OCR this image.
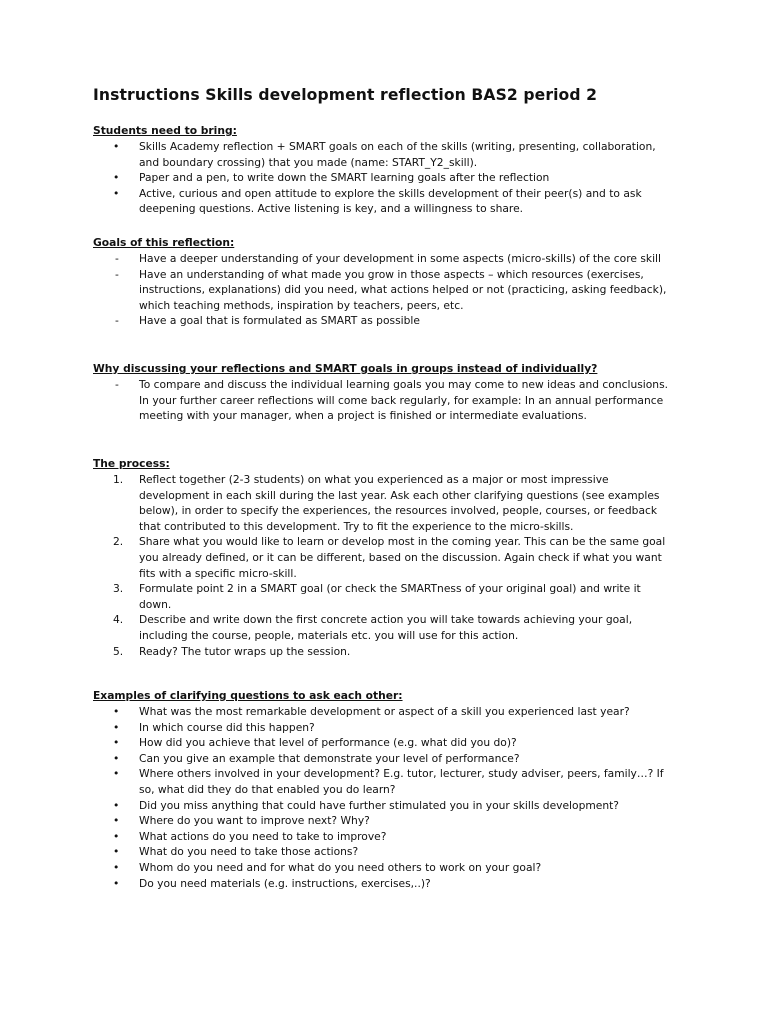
Instructions Skills development reflection BAS2 period 2
Students need to bring:
•
Skills Academy reflection + SMART goals on each of the skills (writing, presenting, collaboration, and boundary crossing) that you made (name: START_Y2_skill).
•
Paper and a pen, to write down the SMART learning goals after the reflection
•
Active, curious and open attitude to explore the skills development of their peer(s) and to ask deepening questions. Active listening is key, and a willingness to share.
Goals of this reflection:
-
Have a deeper understanding of your development in some aspects (micro-skills) of the core skill
-
Have an understanding of what made you grow in those aspects – which resources (exercises, instructions, explanations) did you need, what actions helped or not (practicing, asking feedback), which teaching methods, inspiration by teachers, peers, etc.
-
Have a goal that is formulated as SMART as possible
Why discussing your reflections and SMART goals in groups instead of individually?
-
To compare and discuss the individual learning goals you may come to new ideas and conclusions. In your further career reflections will come back regularly, for example: In an annual performance meeting with your manager, when a project is finished or intermediate evaluations.
The process:
1.	Reflect together (2-3 students) on what you experienced as a major or most impressive development in each skill during the last year. Ask each other clarifying questions (see examples below), in order to specify the experiences, the resources involved, people, courses, or feedback that contributed to this development. Try to fit the experience to the micro-skills.
2.	Share what you would like to learn or develop most in the coming year. This can be the same goal you already defined, or it can be different, based on the discussion. Again check if what you want fits with a specific micro-skill.
3.	Formulate point 2 in a SMART goal (or check the SMARTness of your original goal) and write it down.
4.	Describe and write down the first concrete action you will take towards achieving your goal, including the course, people, materials etc. you will use for this action.
5.	Ready? The tutor wraps up the session.
Examples of clarifying questions to ask each other:
•
What was the most remarkable development or aspect of a skill you experienced last year?
•
In which course did this happen?
•
How did you achieve that level of performance (e.g. what did you do)?
•
Can you give an example that demonstrate your level of performance?
•
Where others involved in your development? E.g. tutor, lecturer, study adviser, peers, family…? If so, what did they do that enabled you do learn?
•
Did you miss anything that could have further stimulated you in your skills development?
•
Where do you want to improve next? Why?
•
What actions do you need to take to improve?
•
What do you need to take those actions?
•
Whom do you need and for what do you need others to work on your goal?
•
Do you need materials (e.g. instructions, exercises,..)?
